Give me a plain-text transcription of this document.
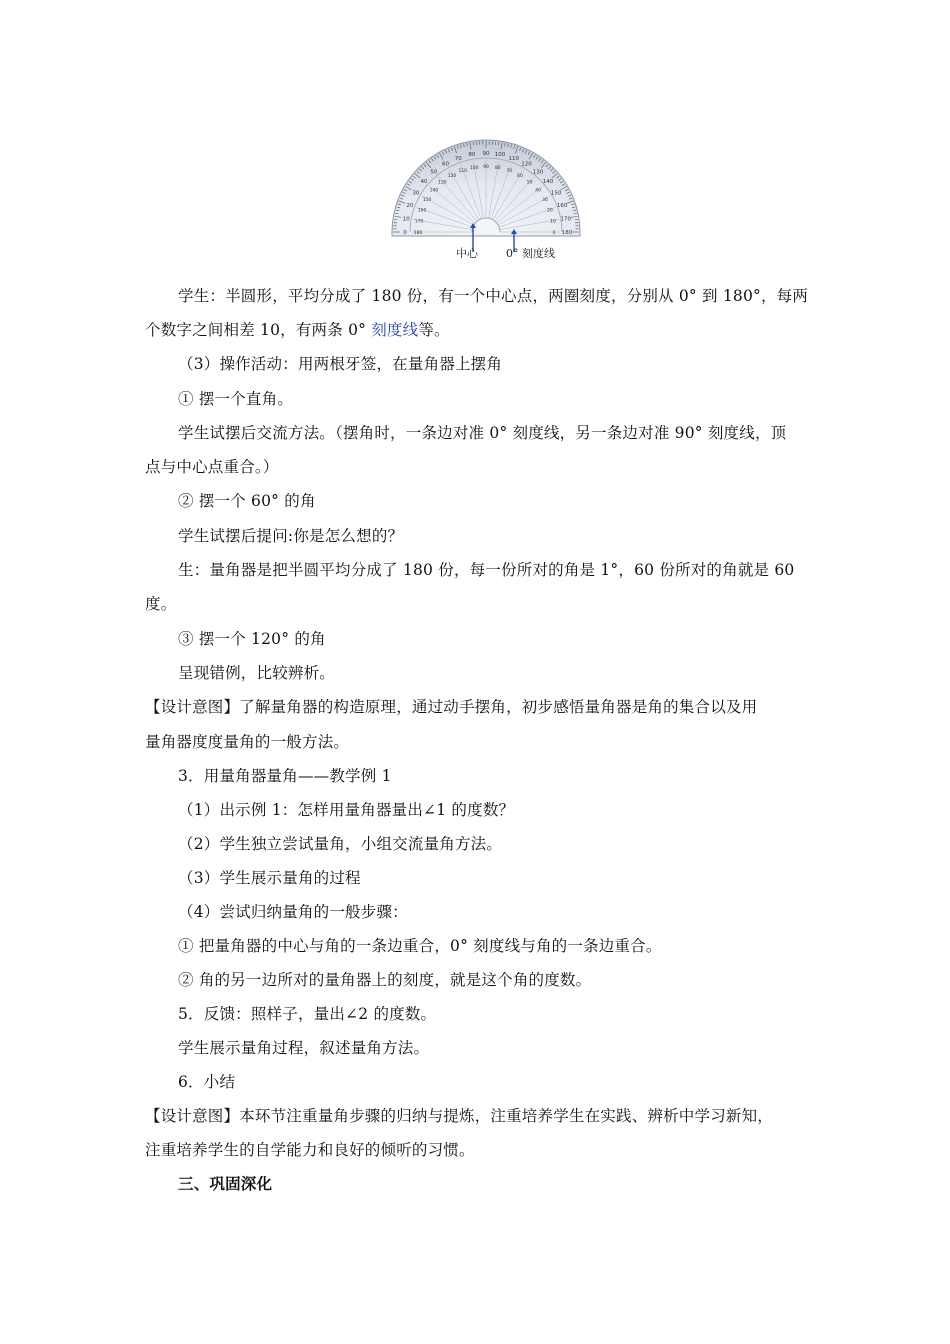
0	0
10	10
20
20
30
30
40
40
50
50
60
60
70
70
80
80
90
90
100
100
110
110
120
120
130
130	140
140	150
150
160
160
170
170
180
180
中心	0° 刻度线
学生：半圆形，平均分成了 180 份，有一个中心点，两圈刻度，分别从 0° 到 180°，每两
个数字之间相差 10，有两条 0° 刻度线等。
（3）操作活动：用两根牙签，在量角器上摆角
① 摆一个直角。
学生试摆后交流方法。（摆角时，一条边对准 0° 刻度线，另一条边对准 90° 刻度线，顶
点与中心点重合。）
② 摆一个 60° 的角
学生试摆后提问:你是怎么想的？
生：量角器是把半圆平均分成了 180 份，每一份所对的角是 1°，60 份所对的角就是 60
度。
③ 摆一个 120° 的角
呈现错例，比较辨析。
【设计意图】了解量角器的构造原理，通过动手摆角，初步感悟量角器是角的集合以及用
量角器度度量角的一般方法。
3．用量角器量角——教学例 1
（1）出示例 1：怎样用量角器量出∠1 的度数？
（2）学生独立尝试量角，小组交流量角方法。
（3）学生展示量角的过程
（4）尝试归纳量角的一般步骤：
① 把量角器的中心与角的一条边重合，0° 刻度线与角的一条边重合。
② 角的另一边所对的量角器上的刻度，就是这个角的度数。
5．反馈：照样子，量出∠2 的度数。
学生展示量角过程，叙述量角方法。
6．小结
【设计意图】本环节注重量角步骤的归纳与提炼，注重培养学生在实践、辨析中学习新知，
注重培养学生的自学能力和良好的倾听的习惯。
三、巩固深化
